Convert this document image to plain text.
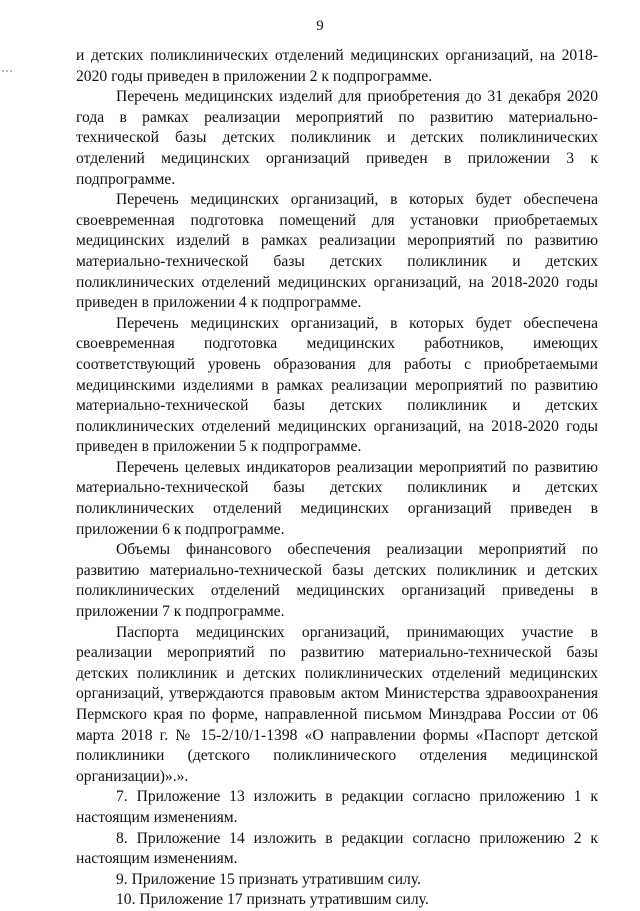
9

и детских поликлинических отделений медицинских организаций, на 2018-2020 годы приведен в приложении 2 к подпрограмме.

Перечень медицинских изделий для приобретения до 31 декабря 2020 года в рамках реализации мероприятий по развитию материально-технической базы детских поликлиник и детских поликлинических отделений медицинских организаций приведен в приложении 3 к подпрограмме.

Перечень медицинских организаций, в которых будет обеспечена своевременная подготовка помещений для установки приобретаемых медицинских изделий в рамках реализации мероприятий по развитию материально-технической базы детских поликлиник и детских поликлинических отделений медицинских организаций, на 2018-2020 годы приведен в приложении 4 к подпрограмме.

Перечень медицинских организаций, в которых будет обеспечена своевременная подготовка медицинских работников, имеющих соответствующий уровень образования для работы с приобретаемыми медицинскими изделиями в рамках реализации мероприятий по развитию материально-технической базы детских поликлиник и детских поликлинических отделений медицинских организаций, на 2018-2020 годы приведен в приложении 5 к подпрограмме.

Перечень целевых индикаторов реализации мероприятий по развитию материально-технической базы детских поликлиник и детских поликлинических отделений медицинских организаций приведен в приложении 6 к подпрограмме.

Объемы финансового обеспечения реализации мероприятий по развитию материально-технической базы детских поликлиник и детских поликлинических отделений медицинских организаций приведены в приложении 7 к подпрограмме.

Паспорта медицинских организаций, принимающих участие в реализации мероприятий по развитию материально-технической базы детских поликлиник и детских поликлинических отделений медицинских организаций, утверждаются правовым актом Министерства здравоохранения Пермского края по форме, направленной письмом Минздрава России от 06 марта 2018 г. № 15-2/10/1-1398 «О направлении формы «Паспорт детской поликлиники (детского поликлинического отделения медицинской организации)».».

7. Приложение 13 изложить в редакции согласно приложению 1 к настоящим изменениям.

8. Приложение 14 изложить в редакции согласно приложению 2 к настоящим изменениям.

9. Приложение 15 признать утратившим силу.

10. Приложение 17 признать утратившим силу.
